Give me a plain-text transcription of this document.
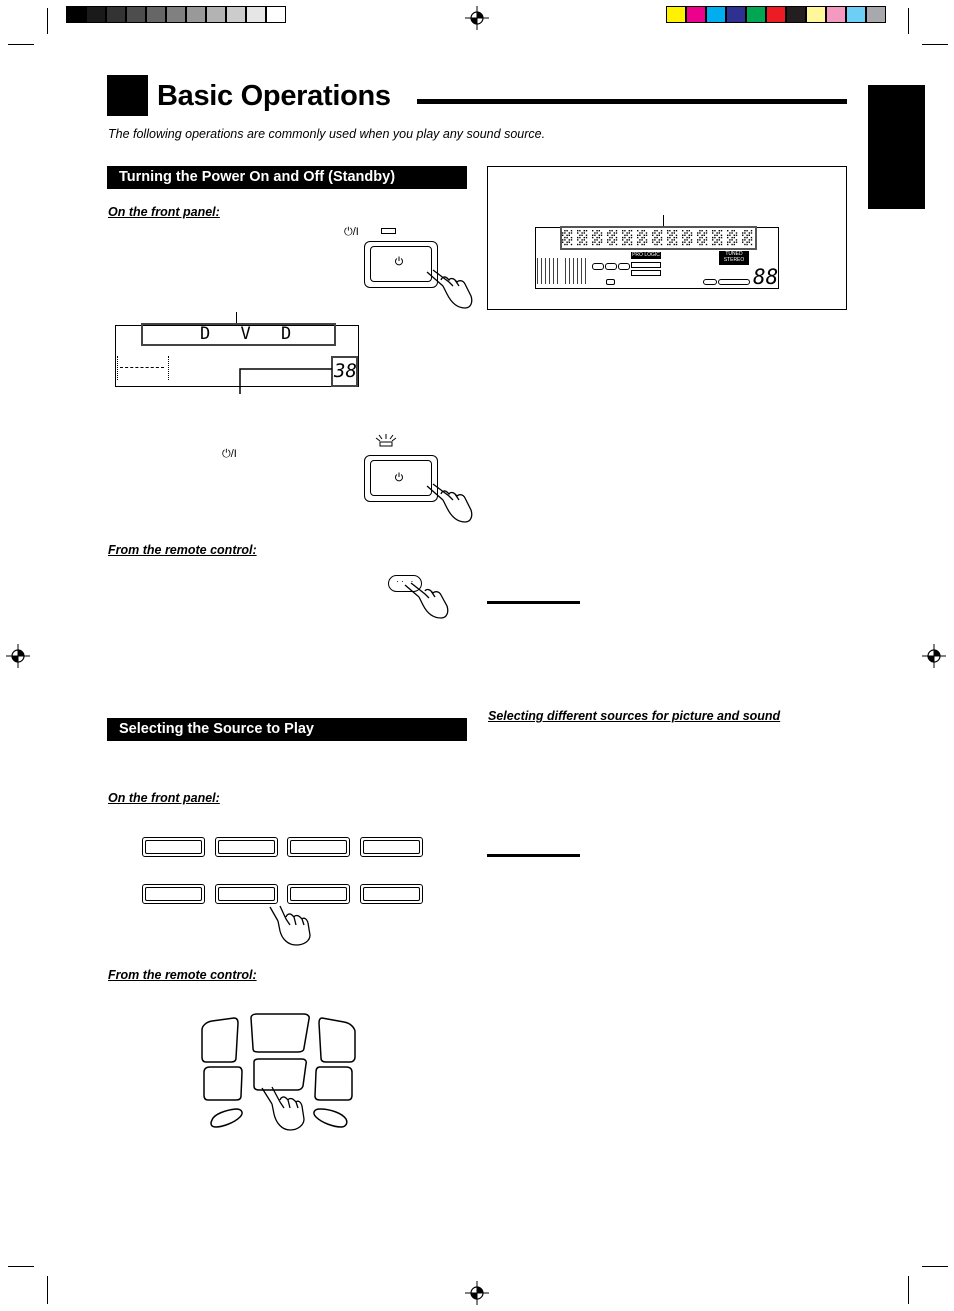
Basic Operations
The following operations are commonly used when you play any sound source.
Turning the Power On and Off (Standby)
On the front panel:
⏻/I
D V D
38
⏻/I
From the remote control:
·· ·
Selecting the Source to Play
On the front panel:
From the remote control:
PRO LOGIC	TUNED
STEREO
88
Selecting different sources for picture and sound
